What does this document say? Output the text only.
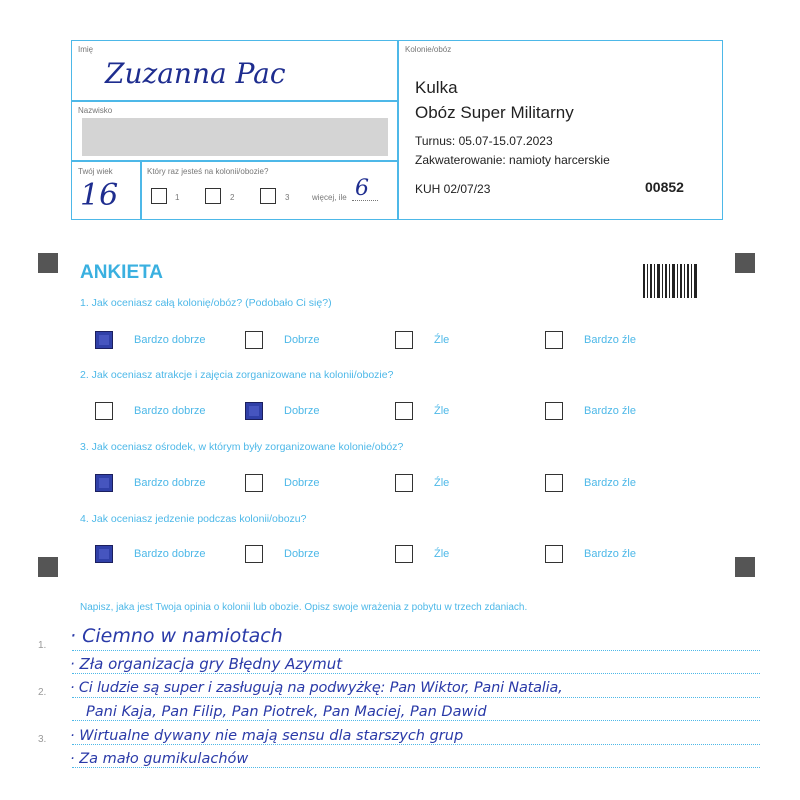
Imię
Zuzanna Pac
Nazwisko
Twój wiek
16
Który raz jesteś na kolonii/obozie?
1	2	3	więcej, ile 6
Kolonie/obóz
Kulka
Obóz Super Militarny
Turnus: 05.07-15.07.2023
Zakwaterowanie: namioty harcerskie
KUH 02/07/23	00852
ANKIETA
1. Jak oceniasz całą kolonię/obóz? (Podobało Ci się?)
2. Jak oceniasz atrakcje i zajęcia zorganizowane na kolonii/obozie?
3. Jak oceniasz ośrodek, w którym były zorganizowane kolonie/obóz?
4. Jak oceniasz jedzenie podczas kolonii/obozu?
Bardzo dobrze	Dobrze	Źle	Bardzo źle
Bardzo dobrze	Dobrze	Źle	Bardzo źle
Bardzo dobrze	Dobrze	Źle	Bardzo źle
Bardzo dobrze	Dobrze	Źle	Bardzo źle
Napisz, jaka jest Twoja opinia o kolonii lub obozie. Opisz swoje wrażenia z pobytu w trzech zdaniach.
1.
2.
3.
· Ciemno w namiotach
· Zła organizacja gry Błędny Azymut
· Ci ludzie są super i zasługują na podwyżkę: Pan Wiktor, Pani Natalia,
Pani Kaja, Pan Filip, Pan Piotrek, Pan Maciej, Pan Dawid
· Wirtualne dywany nie mają sensu dla starszych grup
· Za mało gumikulachów
